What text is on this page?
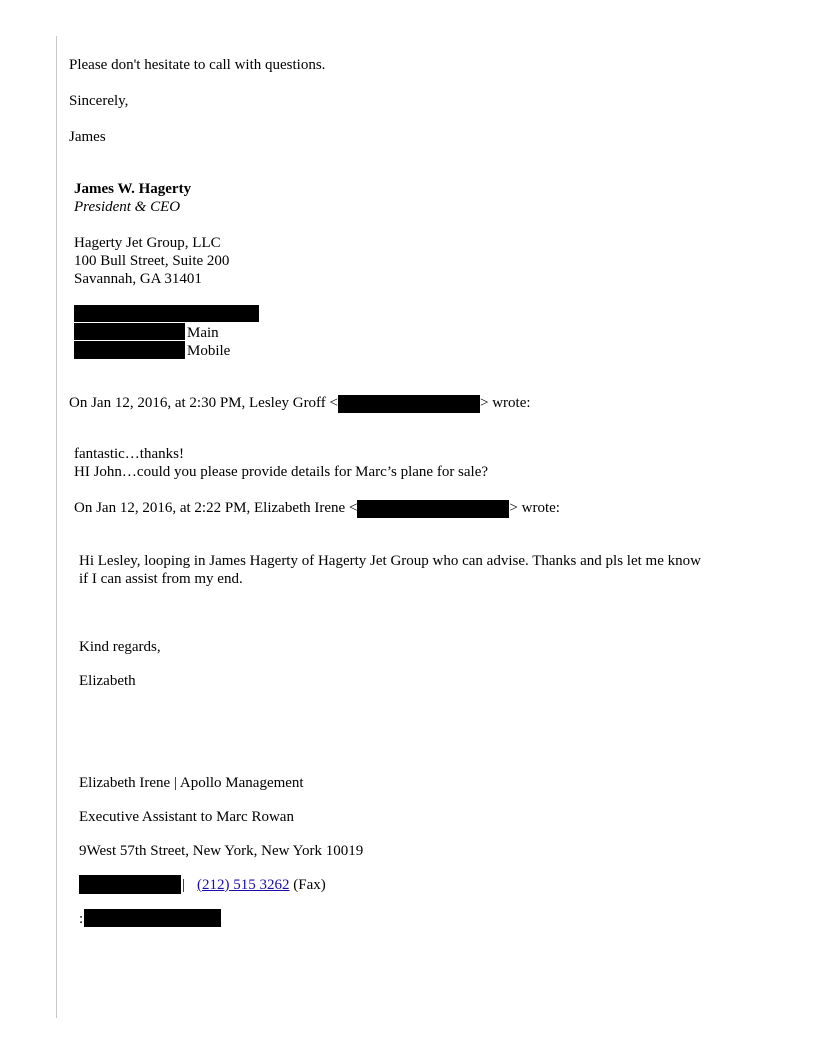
Please don't hesitate to call with questions.
Sincerely,
James
James W. Hagerty
President & CEO
Hagerty Jet Group, LLC
100 Bull Street, Suite 200
Savannah, GA 31401
Main
Mobile
On Jan 12, 2016, at 2:30 PM, Lesley Groff <	> wrote:
fantastic…thanks!
HI John…could you please provide details for Marc’s plane for sale?
On Jan 12, 2016, at 2:22 PM, Elizabeth Irene <	> wrote:
Hi Lesley, looping in James Hagerty of Hagerty Jet Group who can advise. Thanks and pls let me know
if I can assist from my end.
Kind regards,
Elizabeth
Elizabeth Irene | Apollo Management
Executive Assistant to Marc Rowan
9West 57th Street, New York, New York 10019
| (212) 515 3262 (Fax)
:
